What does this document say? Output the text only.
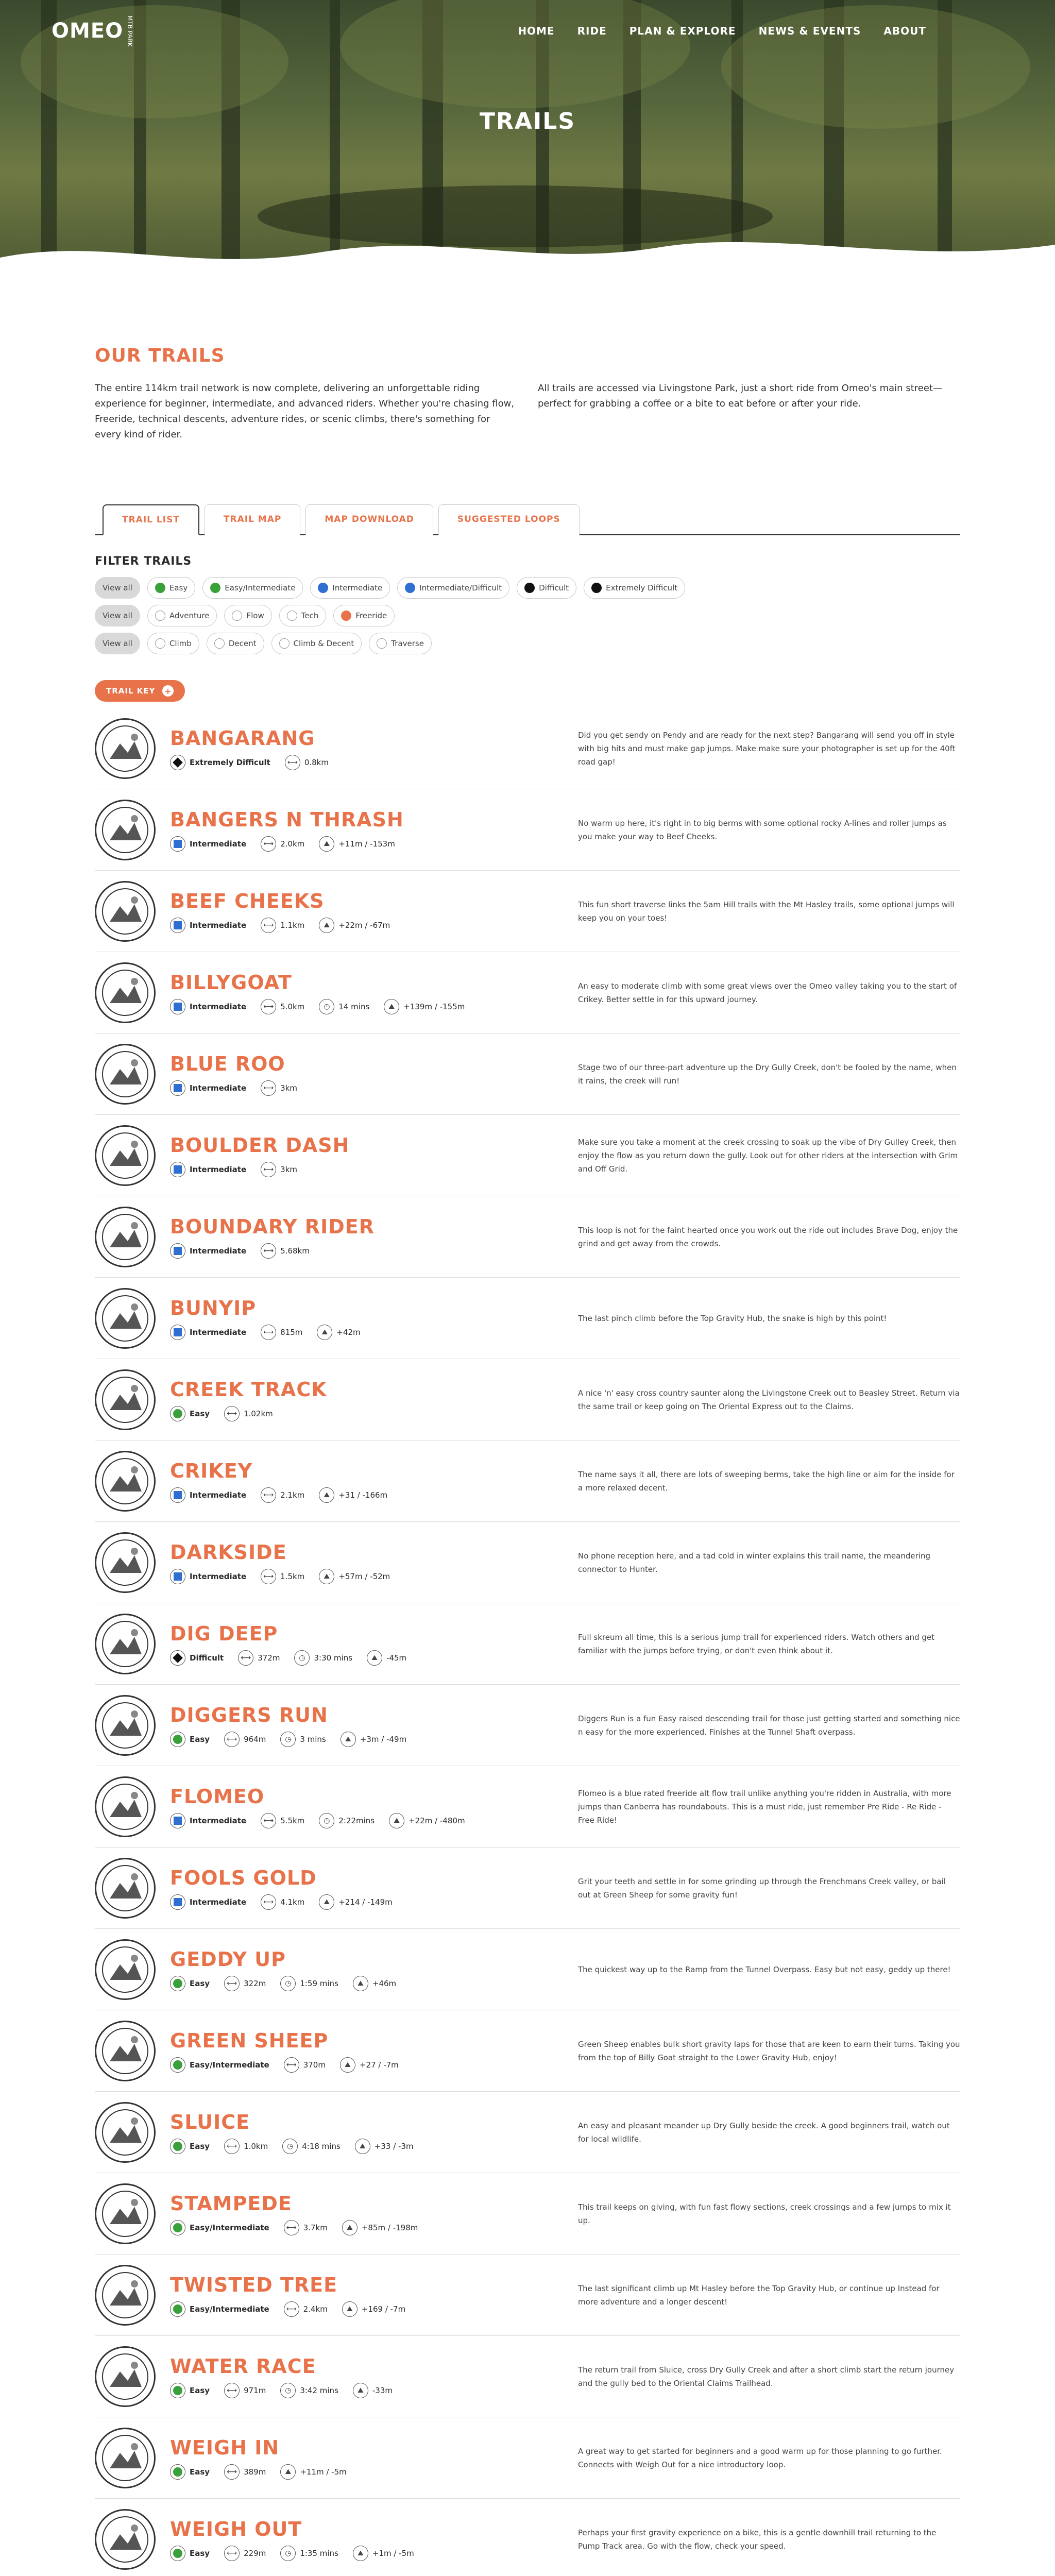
OMEO MTB PARK	HOME RIDE PLAN & EXPLORE NEWS & EVENTS ABOUT
TRAILS
OUR TRAILS

The entire 114km trail network is now complete, delivering an unforgettable riding experience for beginner, intermediate, and advanced riders. Whether you're chasing flow, Freeride, technical descents, adventure rides, or scenic climbs, there's something for every kind of rider.

All trails are accessed via Livingstone Park, just a short ride from Omeo's main street—perfect for grabbing a coffee or a bite to eat before or after your ride.

TRAIL LIST	TRAIL MAP	MAP DOWNLOAD	SUGGESTED LOOPS
FILTER TRAILS
View all	Easy	Easy/Intermediate	Intermediate	Intermediate/Difficult	Difficult	Extremely Difficult
View all	Adventure	Flow	Tech	Freeride
View all	Climb	Decent	Climb & Decent	Traverse
TRAIL KEY +
BANGARANG
Extremely Difficult	⟷ 0.8km
Did you get sendy on Pendy and are ready for the next step? Bangarang will send you off in style with big hits and must make gap jumps. Make make sure your photographer is set up for the 40ft road gap!
BANGERS N THRASH
Intermediate	⟷ 2.0km	⛰	+11m / -153m
No warm up here, it's right in to big berms with some optional rocky A-lines and roller jumps as you make your way to Beef Cheeks.
BEEF CHEEKS
Intermediate	⟷ 1.1km	⛰	+22m / -67m
This fun short traverse links the 5am Hill trails with the Mt Hasley trails, some optional jumps will keep you on your toes!
BILLYGOAT
Intermediate	⟷ 5.0km	◷	14 mins	⛰	+139m / -155m
An easy to moderate climb with some great views over the Omeo valley taking you to the start of Crikey. Better settle in for this upward journey.
BLUE ROO
Intermediate	⟷ 3km
Stage two of our three-part adventure up the Dry Gully Creek, don't be fooled by the name, when it rains, the creek will run!
BOULDER DASH
Intermediate	⟷ 3km
Make sure you take a moment at the creek crossing to soak up the vibe of Dry Gulley Creek, then enjoy the flow as you return down the gully. Look out for other riders at the intersection with Grim and Off Grid.
BOUNDARY RIDER
Intermediate	⟷ 5.68km
This loop is not for the faint hearted once you work out the ride out includes Brave Dog, enjoy the grind and get away from the crowds.
BUNYIP
Intermediate	⟷ 815m	⛰	+42m
The last pinch climb before the Top Gravity Hub, the snake is high by this point!
CREEK TRACK
Easy	⟷ 1.02km
A nice 'n' easy cross country saunter along the Livingstone Creek out to Beasley Street. Return via the same trail or keep going on The Oriental Express out to the Claims.
CRIKEY
Intermediate	⟷ 2.1km	⛰	+31 / -166m
The name says it all, there are lots of sweeping berms, take the high line or aim for the inside for a more relaxed decent.
DARKSIDE
Intermediate	⟷ 1.5km	⛰	+57m / -52m
No phone reception here, and a tad cold in winter explains this trail name, the meandering connector to Hunter.
DIG DEEP
Difficult	⟷ 372m	◷	3:30 mins	⛰	-45m
Full skreum all time, this is a serious jump trail for experienced riders. Watch others and get familiar with the jumps before trying, or don't even think about it.
DIGGERS RUN
Easy	⟷ 964m	◷	3 mins	⛰	+3m / -49m
Diggers Run is a fun Easy raised descending trail for those just getting started and something nice n easy for the more experienced. Finishes at the Tunnel Shaft overpass.
FLOMEO
Intermediate	⟷ 5.5km	◷	2:22mins	⛰	+22m / -480m
Flomeo is a blue rated freeride alt flow trail unlike anything you're ridden in Australia, with more jumps than Canberra has roundabouts. This is a must ride, just remember Pre Ride - Re Ride - Free Ride!
FOOLS GOLD
Intermediate	⟷ 4.1km	⛰	+214 / -149m
Grit your teeth and settle in for some grinding up through the Frenchmans Creek valley, or bail out at Green Sheep for some gravity fun!
GEDDY UP
Easy	⟷ 322m	◷	1:59 mins	⛰	+46m
The quickest way up to the Ramp from the Tunnel Overpass. Easy but not easy, geddy up there!
GREEN SHEEP
Easy/Intermediate	⟷ 370m	⛰	+27 / -7m
Green Sheep enables bulk short gravity laps for those that are keen to earn their turns. Taking you from the top of Billy Goat straight to the Lower Gravity Hub, enjoy!
SLUICE
Easy	⟷ 1.0km	◷	4:18 mins	⛰	+33 / -3m
An easy and pleasant meander up Dry Gully beside the creek. A good beginners trail, watch out for local wildlife.
STAMPEDE
Easy/Intermediate	⟷ 3.7km	⛰	+85m / -198m
This trail keeps on giving, with fun fast flowy sections, creek crossings and a few jumps to mix it up.
TWISTED TREE
Easy/Intermediate	⟷ 2.4km	⛰	+169 / -7m
The last significant climb up Mt Hasley before the Top Gravity Hub, or continue up Instead for more adventure and a longer descent!
WATER RACE
Easy	⟷ 971m	◷	3:42 mins	⛰	-33m
The return trail from Sluice, cross Dry Gully Creek and after a short climb start the return journey and the gully bed to the Oriental Claims Trailhead.
WEIGH IN
Easy	⟷ 389m	⛰	+11m / -5m
A great way to get started for beginners and a good warm up for those planning to go further. Connects with Weigh Out for a nice introductory loop.
WEIGH OUT
Easy	⟷ 229m	◷	1:35 mins	⛰	+1m / -5m
Perhaps your first gravity experience on a bike, this is a gentle downhill trail returning to the Pump Track area. Go with the flow, check your speed.
